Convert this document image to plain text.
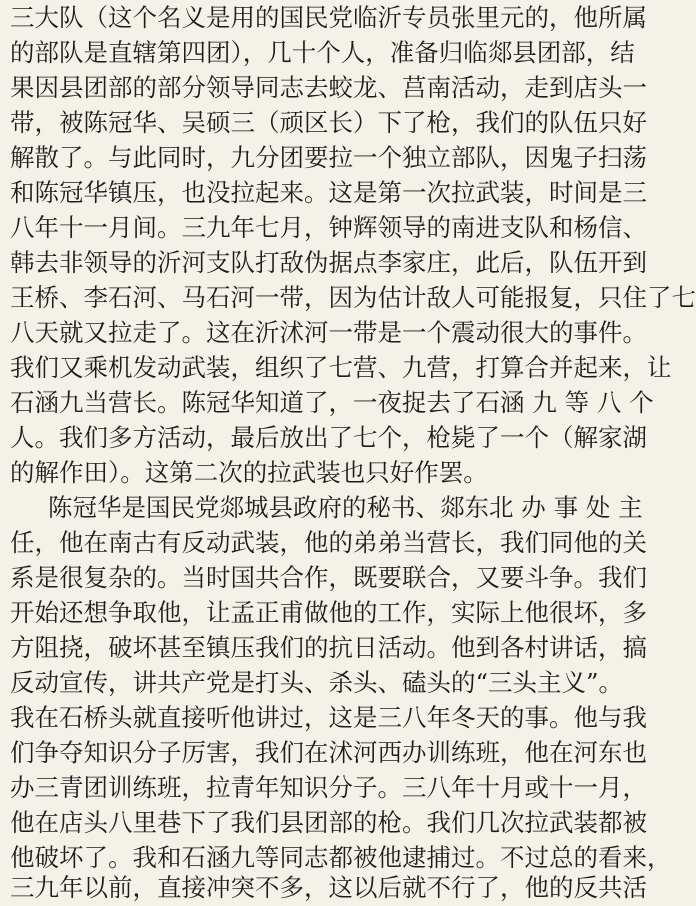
三大队（这个名义是用的国民党临沂专员张里元的，他所属
的部队是直辖第四团），几十个人，准备归临郯县团部，结
果因县团部的部分领导同志去蛟龙、莒南活动，走到店头一
带，被陈冠华、吴硕三（顽区长）下了枪，我们的队伍只好
解散了。与此同时，九分团要拉一个独立部队，因鬼子扫荡
和陈冠华镇压，也没拉起来。这是第一次拉武装，时间是三
八年十一月间。三九年七月，钟辉领导的南进支队和杨信、
韩去非领导的沂河支队打敌伪据点李家庄，此后，队伍开到
王桥、李石河、马石河一带，因为估计敌人可能报复，只住了七
八天就又拉走了。这在沂沭河一带是一个震动很大的事件。
我们又乘机发动武装，组织了七营、九营，打算合并起来，让
石涵九当营长。陈冠华知道了，一夜捉去了石涵 九 等 八 个
人。我们多方活动，最后放出了七个，枪毙了一个（解家湖
的解作田）。这第二次的拉武装也只好作罢。
陈冠华是国民党郯城县政府的秘书、郯东北 办 事 处 主
任，他在南古有反动武装，他的弟弟当营长，我们同他的关
系是很复杂的。当时国共合作，既要联合，又要斗争。我们
开始还想争取他，让孟正甫做他的工作，实际上他很坏，多
方阻挠，破坏甚至镇压我们的抗日活动。他到各村讲话，搞
反动宣传，讲共产党是打头、杀头、磕头的“三头主义”。
我在石桥头就直接听他讲过，这是三八年冬天的事。他与我
们争夺知识分子厉害，我们在沭河西办训练班，他在河东也
办三青团训练班，拉青年知识分子。三八年十月或十一月，
他在店头八里巷下了我们县团部的枪。我们几次拉武装都被
他破坏了。我和石涵九等同志都被他逮捕过。不过总的看来，
三九年以前，直接冲突不多，这以后就不行了，他的反共活
